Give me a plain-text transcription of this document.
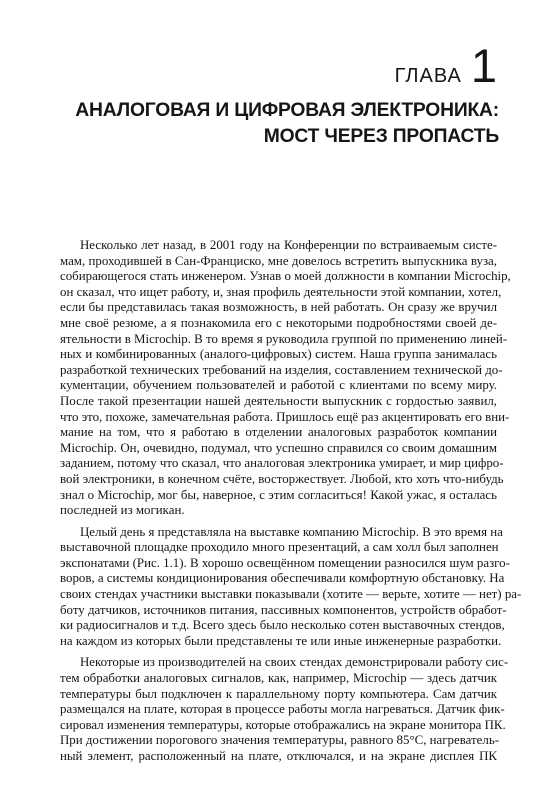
ГЛАВА 1
АНАЛОГОВАЯ И ЦИФРОВАЯ ЭЛЕКТРОНИКА:
МОСТ ЧЕРЕЗ ПРОПАСТЬ
Несколько лет назад, в 2001 году на Конференции по встраиваемым систе-
мам, проходившей в Сан-Франциско, мне довелось встретить выпускника вуза,
собирающегося стать инженером. Узнав о моей должности в компании Microchip,
он сказал, что ищет работу, и, зная профиль деятельности этой компании, хотел,
если бы представилась такая возможность, в ней работать. Он сразу же вручил
мне своё резюме, а я познакомила его с некоторыми подробностями своей де-
ятельности в Microchip. В то время я руководила группой по применению линей-
ных и комбинированных (аналого-цифровых) систем. Наша группа занималась
разработкой технических требований на изделия, составлением технической до-
кументации, обучением пользователей и работой с клиентами по всему миру.
После такой презентации нашей деятельности выпускник с гордостью заявил,
что это, похоже, замечательная работа. Пришлось ещё раз акцентировать его вни-
мание на том, что я работаю в отделении аналоговых разработок компании
Microchip. Он, очевидно, подумал, что успешно справился со своим домашним
заданием, потому что сказал, что аналоговая электроника умирает, и мир цифро-
вой электроники, в конечном счёте, восторжествует. Любой, кто хоть что-нибудь
знал о Microchip, мог бы, наверное, с этим согласиться! Какой ужас, я осталась
последней из могикан.
Целый день я представляла на выставке компанию Microchip. В это время на
выставочной площадке проходило много презентаций, а сам холл был заполнен
экспонатами (Рис. 1.1). В хорошо освещённом помещении разносился шум разго-
воров, а системы кондиционирования обеспечивали комфортную обстановку. На
своих стендах участники выставки показывали (хотите — верьте, хотите — нет) ра-
боту датчиков, источников питания, пассивных компонентов, устройств обработ-
ки радиосигналов и т.д. Всего здесь было несколько сотен выставочных стендов,
на каждом из которых были представлены те или иные инженерные разработки.
Некоторые из производителей на своих стендах демонстрировали работу сис-
тем обработки аналоговых сигналов, как, например, Microchip — здесь датчик
температуры был подключен к параллельному порту компьютера. Сам датчик
размещался на плате, которая в процессе работы могла нагреваться. Датчик фик-
сировал изменения температуры, которые отображались на экране монитора ПК.
При достижении порогового значения температуры, равного 85°C, нагреватель-
ный элемент, расположенный на плате, отключался, и на экране дисплея ПК
